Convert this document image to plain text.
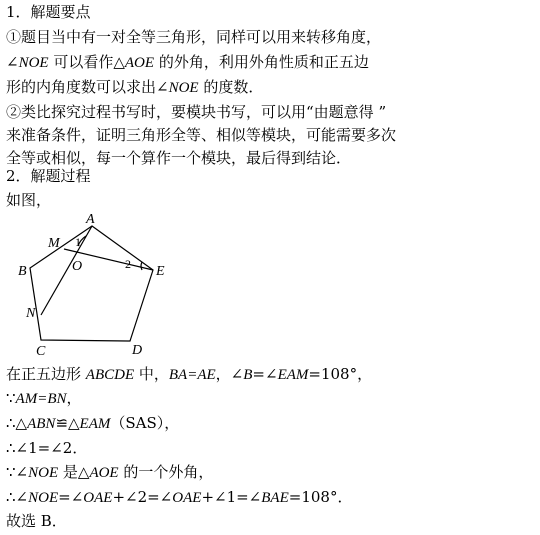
1．解题要点
①题目当中有一对全等三角形，同样可以用来转移角度，
∠NOE 可以看作△AOE 的外角，利用外角性质和正五边
形的内角度数可以求出∠NOE 的度数．
②类比探究过程书写时，要模块书写，可以用“由题意得 ”
来准备条件，证明三角形全等、相似等模块，可能需要多次
全等或相似，每一个算作一个模块，最后得到结论．
2．解题过程
如图，
A
B
C	D
E
M
N
O
1
2
在正五边形 ABCDE 中，BA=AE，∠B=∠EAM=108°，
∵AM=BN，
∴△ABN≌△EAM（SAS），
∴∠1=∠2．
∵∠NOE 是△AOE 的一个外角，
∴∠NOE=∠OAE+∠2=∠OAE+∠1=∠BAE=108°．
故选 B．
